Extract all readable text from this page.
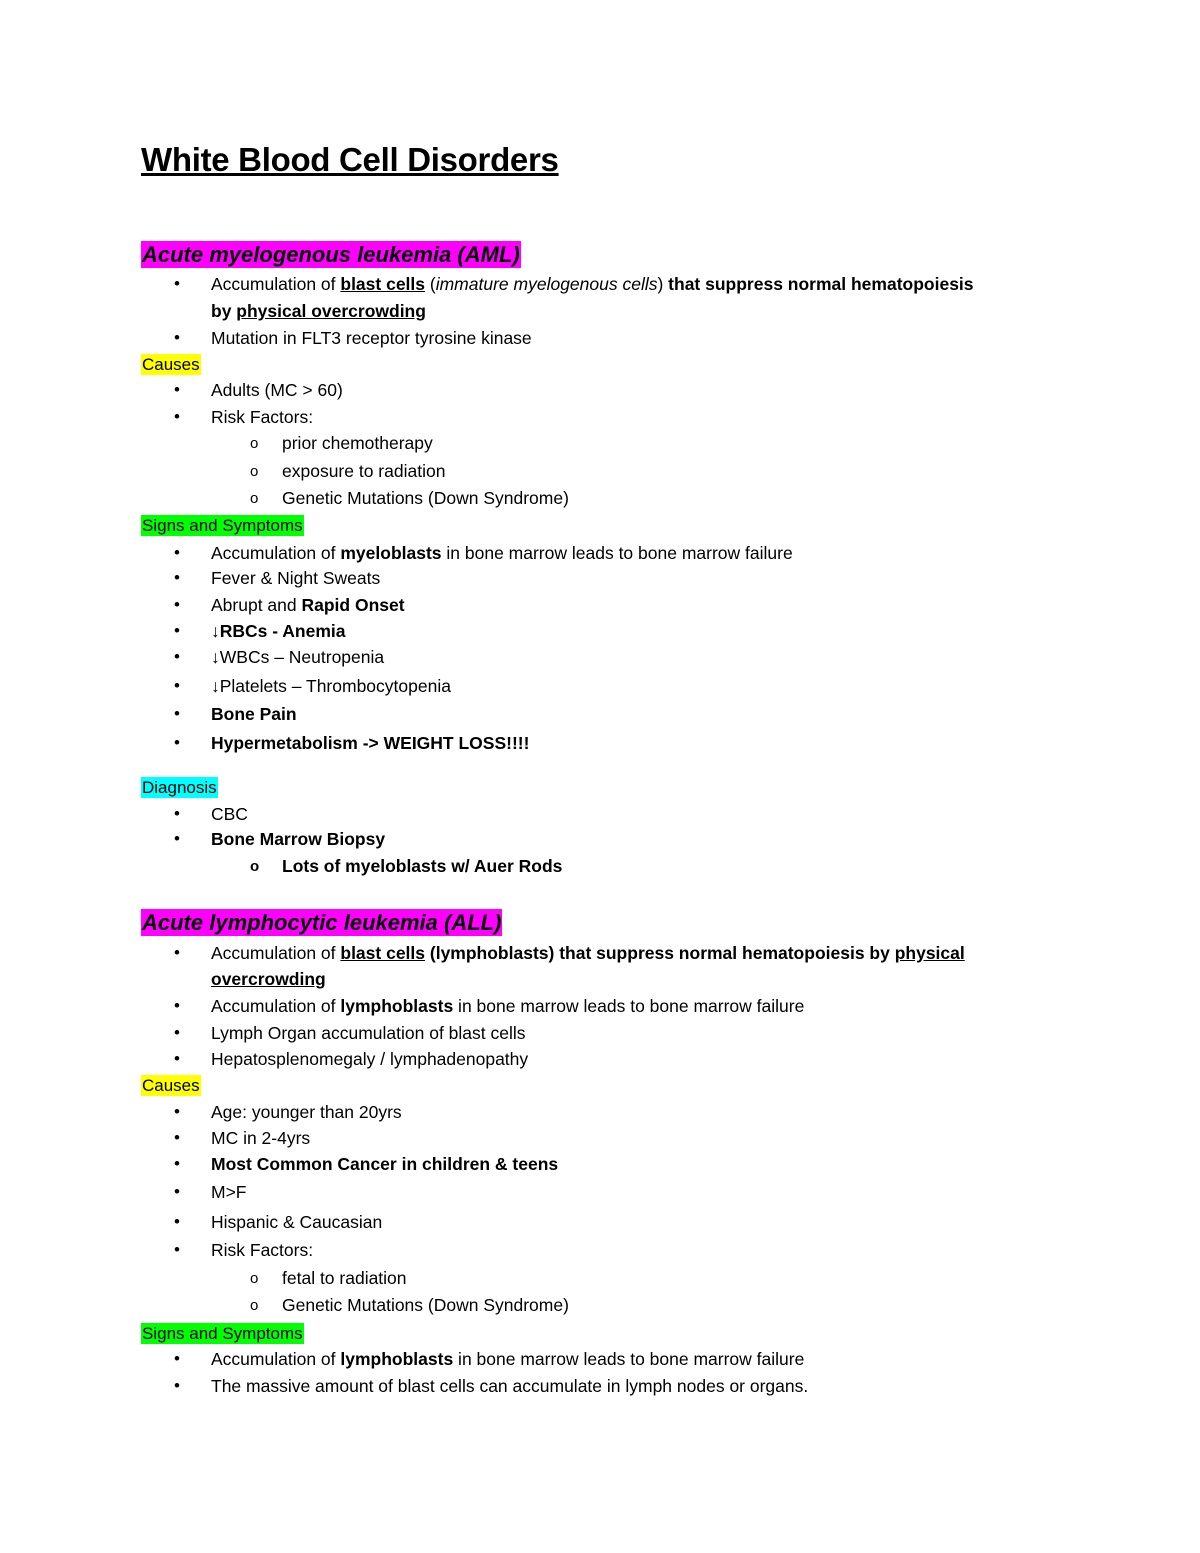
White Blood Cell Disorders
Acute myelogenous leukemia (AML)
• Accumulation of blast cells (immature myelogenous cells) that suppress normal hematopoiesis
by physical overcrowding
• Mutation in FLT3 receptor tyrosine kinase
Causes
• Adults (MC > 60)
• Risk Factors:
o prior chemotherapy
o exposure to radiation
o Genetic Mutations (Down Syndrome)
Signs and Symptoms
• Accumulation of myeloblasts in bone marrow leads to bone marrow failure
• Fever & Night Sweats
• Abrupt and Rapid Onset
• ↓RBCs - Anemia
• ↓WBCs – Neutropenia
• ↓Platelets – Thrombocytopenia
• Bone Pain
• Hypermetabolism -> WEIGHT LOSS!!!!
Diagnosis
• CBC
• Bone Marrow Biopsy
o Lots of myeloblasts w/ Auer Rods
Acute lymphocytic leukemia (ALL)
• Accumulation of blast cells (lymphoblasts) that suppress normal hematopoiesis by physical
overcrowding
• Accumulation of lymphoblasts in bone marrow leads to bone marrow failure
• Lymph Organ accumulation of blast cells
• Hepatosplenomegaly / lymphadenopathy
Causes
• Age: younger than 20yrs
• MC in 2-4yrs
• Most Common Cancer in children & teens
• M>F
• Hispanic & Caucasian
• Risk Factors:
o fetal to radiation
o Genetic Mutations (Down Syndrome)
Signs and Symptoms
• Accumulation of lymphoblasts in bone marrow leads to bone marrow failure
• The massive amount of blast cells can accumulate in lymph nodes or organs.
